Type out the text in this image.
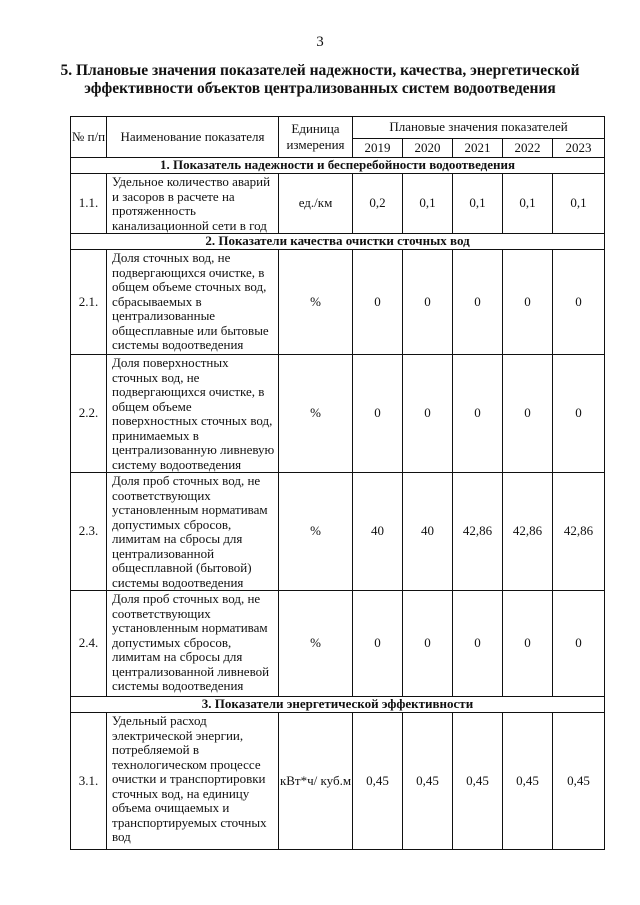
3
5. Плановые значения показателей надежности, качества, энергетической
эффективности объектов централизованных систем водоотведения
№ п/п	Наименование показателя	Единица измерения	Плановые значения показателей				
			2019	2020	2021	2022	2023
1. Показатель надежности и бесперебойности водоотведения							
1.1.	Удельное количество аварий и засоров в расчете на протяженность канализационной сети в год	ед./км	0,2	0,1	0,1	0,1	0,1
2. Показатели качества очистки сточных вод							
2.1.	Доля сточных вод, не подвергающихся очистке, в общем объеме сточных вод, сбрасываемых в централизованные общесплавные или бытовые системы водоотведения	%	0	0	0	0	0
2.2.	Доля поверхностных сточных вод, не подвергающихся очистке, в общем объеме поверхностных сточных вод, принимаемых в централизованную ливневую систему водоотведения	%	0	0	0	0	0
2.3.	Доля проб сточных вод, не соответствующих установленным нормативам допустимых сбросов, лимитам на сбросы для централизованной общесплавной (бытовой) системы водоотведения	%	40	40	42,86	42,86	42,86
2.4.	Доля проб сточных вод, не соответствующих установленным нормативам допустимых сбросов, лимитам на сбросы для централизованной ливневой системы водоотведения	%	0	0	0	0	0
3. Показатели энергетической эффективности							
3.1.	Удельный расход электрической энергии, потребляемой в технологическом процессе очистки и транспортировки сточных вод, на единицу объема очищаемых и транспортируемых сточных вод	кВт*ч/ куб.м	0,45	0,45	0,45	0,45	0,45
